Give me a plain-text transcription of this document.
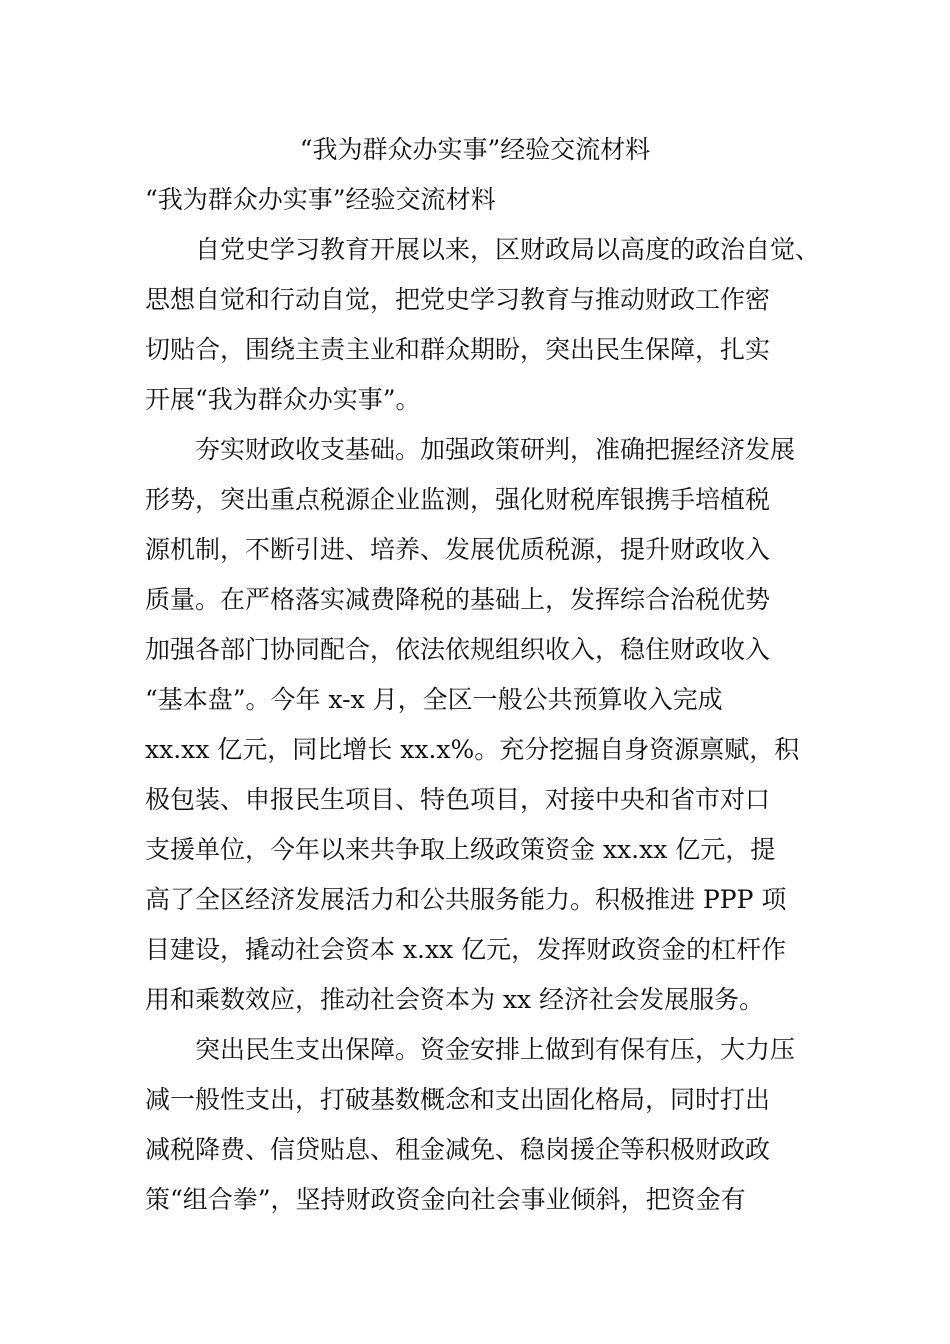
“我为群众办实事”经验交流材料

“我为群众办实事”经验交流材料

　　自党史学习教育开展以来，区财政局以高度的政治自觉、

思想自觉和行动自觉，把党史学习教育与推动财政工作密

切贴合，围绕主责主业和群众期盼，突出民生保障，扎实

开展“我为群众办实事”。

　　夯实财政收支基础。加强政策研判，准确把握经济发展

形势，突出重点税源企业监测，强化财税库银携手培植税

源机制，不断引进、培养、发展优质税源，提升财政收入

质量。在严格落实减费降税的基础上，发挥综合治税优势

加强各部门协同配合，依法依规组织收入，稳住财政收入

“基本盘”。今年 x-x 月，全区一般公共预算收入完成

xx.xx 亿元，同比增长 xx.x%。充分挖掘自身资源禀赋，积

极包装、申报民生项目、特色项目，对接中央和省市对口

支援单位，今年以来共争取上级政策资金 xx.xx 亿元，提

高了全区经济发展活力和公共服务能力。积极推进 PPP 项

目建设，撬动社会资本 x.xx 亿元，发挥财政资金的杠杆作

用和乘数效应，推动社会资本为 xx 经济社会发展服务。

　　突出民生支出保障。资金安排上做到有保有压，大力压

减一般性支出，打破基数概念和支出固化格局，同时打出

减税降费、信贷贴息、租金减免、稳岗援企等积极财政政

策“组合拳”，坚持财政资金向社会事业倾斜，把资金有
